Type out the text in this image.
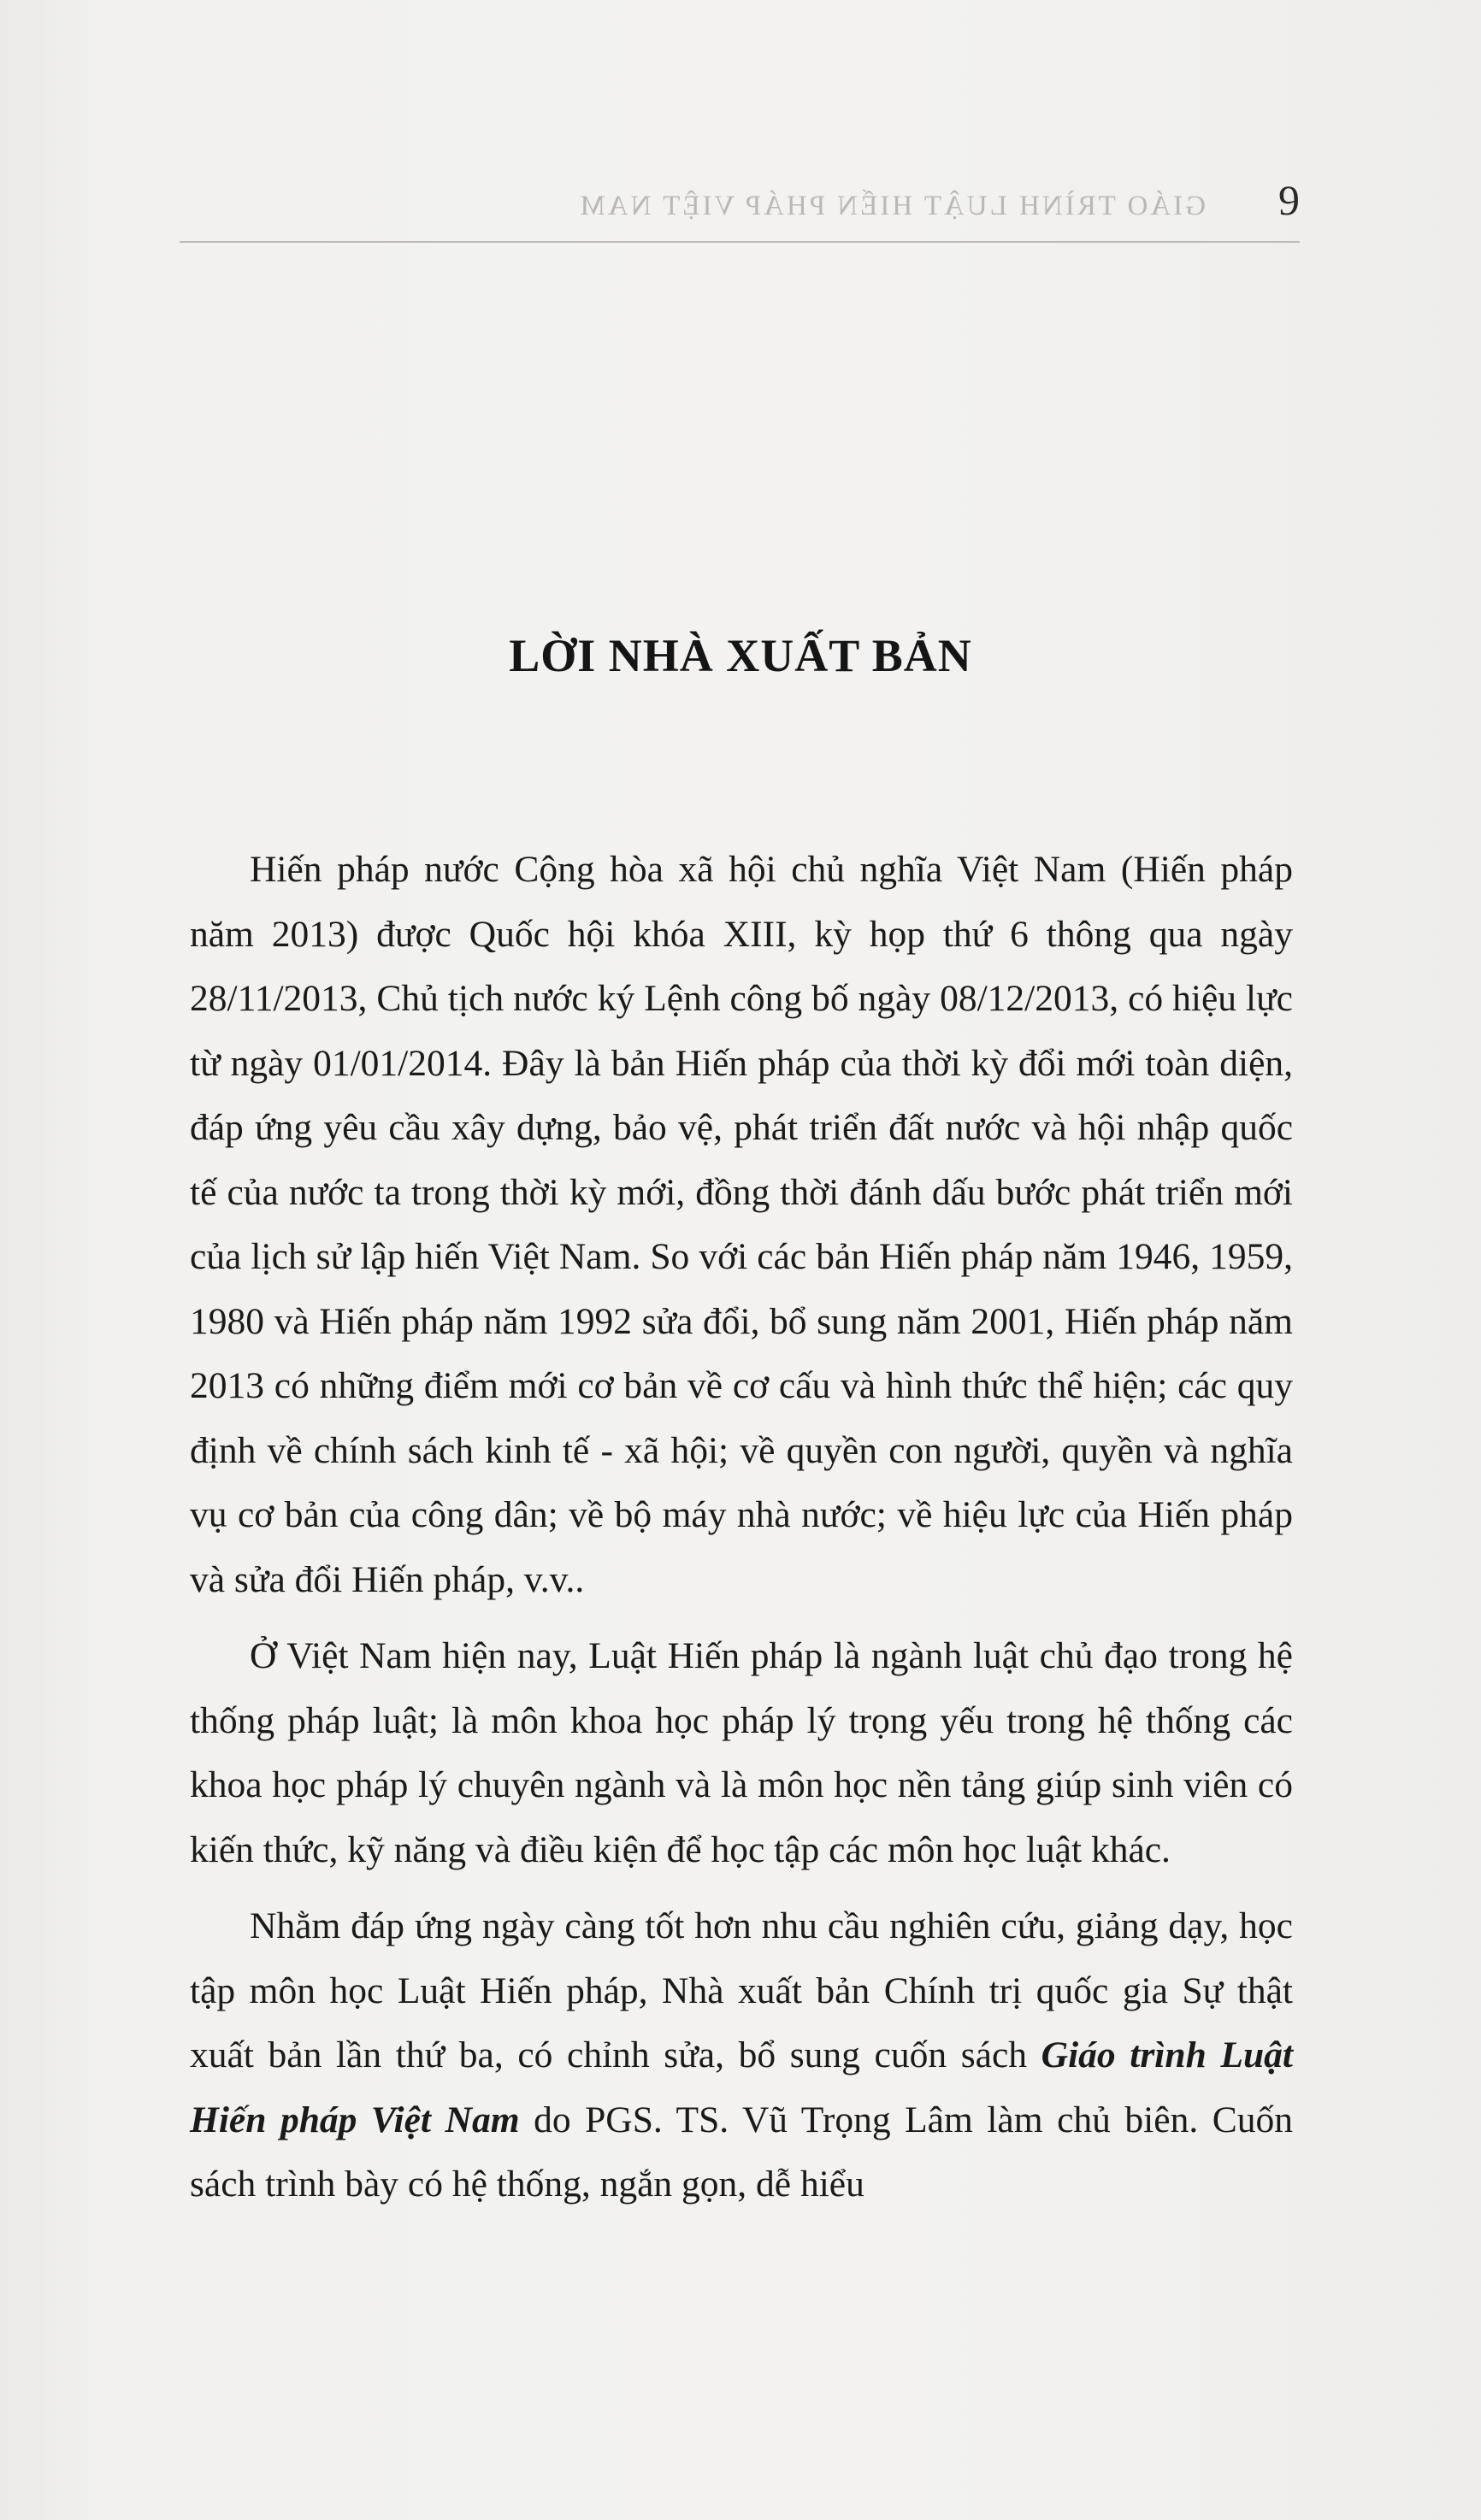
GIÁO TRÌNH LUẬT HIẾN PHÁP VIỆT NAM 9

LỜI NHÀ XUẤT BẢN

Hiến pháp nước Cộng hòa xã hội chủ nghĩa Việt Nam (Hiến pháp năm 2013) được Quốc hội khóa XIII, kỳ họp thứ 6 thông qua ngày 28/11/2013, Chủ tịch nước ký Lệnh công bố ngày 08/12/2013, có hiệu lực từ ngày 01/01/2014. Đây là bản Hiến pháp của thời kỳ đổi mới toàn diện, đáp ứng yêu cầu xây dựng, bảo vệ, phát triển đất nước và hội nhập quốc tế của nước ta trong thời kỳ mới, đồng thời đánh dấu bước phát triển mới của lịch sử lập hiến Việt Nam. So với các bản Hiến pháp năm 1946, 1959, 1980 và Hiến pháp năm 1992 sửa đổi, bổ sung năm 2001, Hiến pháp năm 2013 có những điểm mới cơ bản về cơ cấu và hình thức thể hiện; các quy định về chính sách kinh tế - xã hội; về quyền con người, quyền và nghĩa vụ cơ bản của công dân; về bộ máy nhà nước; về hiệu lực của Hiến pháp và sửa đổi Hiến pháp, v.v..

Ở Việt Nam hiện nay, Luật Hiến pháp là ngành luật chủ đạo trong hệ thống pháp luật; là môn khoa học pháp lý trọng yếu trong hệ thống các khoa học pháp lý chuyên ngành và là môn học nền tảng giúp sinh viên có kiến thức, kỹ năng và điều kiện để học tập các môn học luật khác.

Nhằm đáp ứng ngày càng tốt hơn nhu cầu nghiên cứu, giảng dạy, học tập môn học Luật Hiến pháp, Nhà xuất bản Chính trị quốc gia Sự thật xuất bản lần thứ ba, có chỉnh sửa, bổ sung cuốn sách Giáo trình Luật Hiến pháp Việt Nam do PGS. TS. Vũ Trọng Lâm làm chủ biên. Cuốn sách trình bày có hệ thống, ngắn gọn, dễ hiểu
